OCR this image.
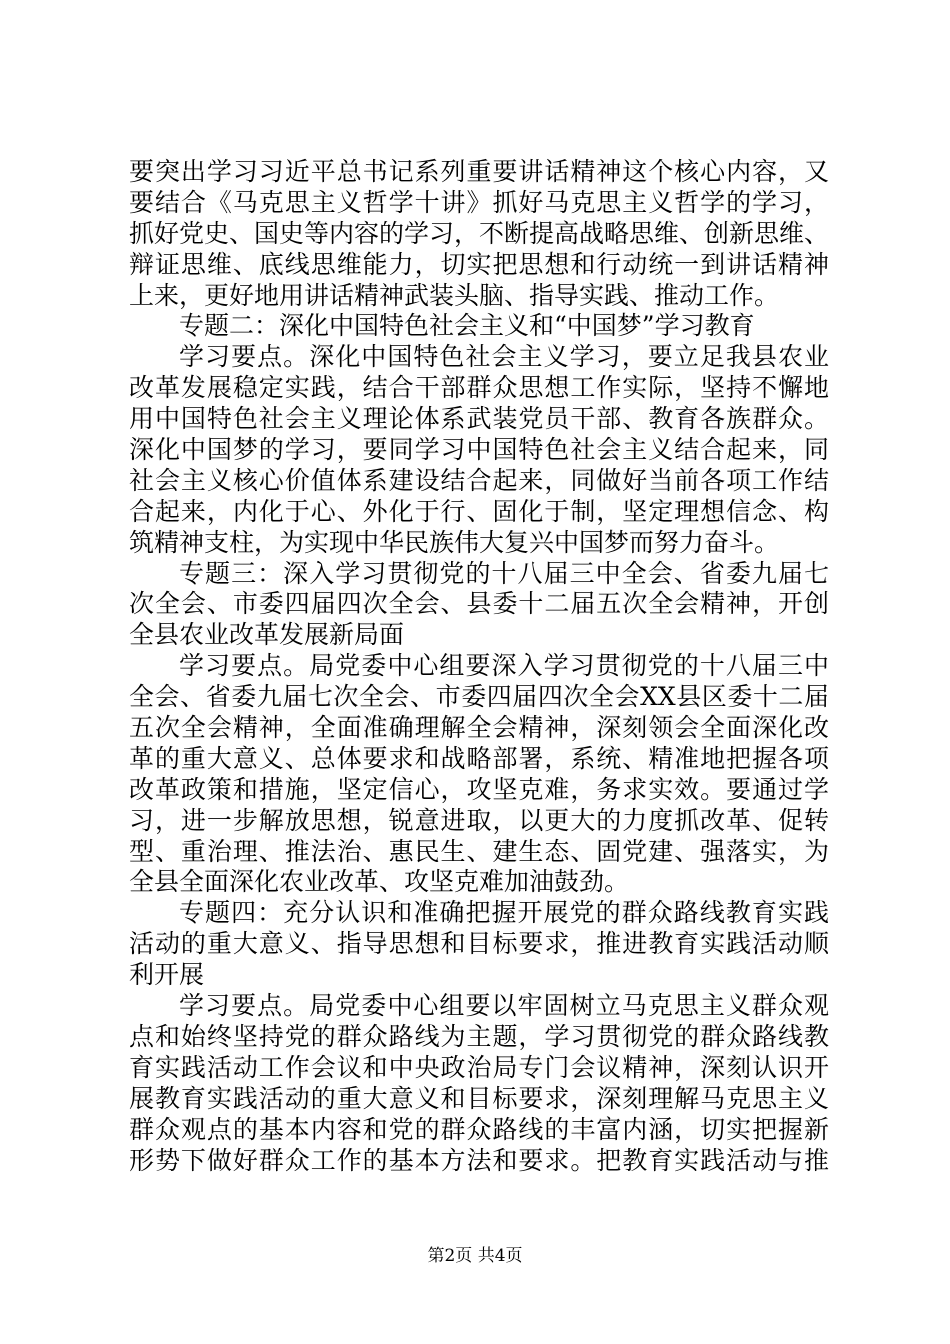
要突出学习习近平总书记系列重要讲话精神这个核心内容，又
要结合《马克思主义哲学十讲》抓好马克思主义哲学的学习，
抓好党史、国史等内容的学习，不断提高战略思维、创新思维、
辩证思维、底线思维能力，切实把思想和行动统一到讲话精神
上来，更好地用讲话精神武装头脑、指导实践、推动工作。
专题二：深化中国特色社会主义和“中国梦”学习教育
学习要点。深化中国特色社会主义学习，要立足我县农业
改革发展稳定实践，结合干部群众思想工作实际，坚持不懈地
用中国特色社会主义理论体系武装党员干部、教育各族群众。
深化中国梦的学习，要同学习中国特色社会主义结合起来，同
社会主义核心价值体系建设结合起来，同做好当前各项工作结
合起来，内化于心、外化于行、固化于制，坚定理想信念、构
筑精神支柱，为实现中华民族伟大复兴中国梦而努力奋斗。
专题三：深入学习贯彻党的十八届三中全会、省委九届七
次全会、市委四届四次全会、县委十二届五次全会精神，开创
全县农业改革发展新局面
学习要点。局党委中心组要深入学习贯彻党的十八届三中
全会、省委九届七次全会、市委四届四次全会XX县区委十二届
五次全会精神，全面准确理解全会精神，深刻领会全面深化改
革的重大意义、总体要求和战略部署，系统、精准地把握各项
改革政策和措施，坚定信心，攻坚克难，务求实效。要通过学
习，进一步解放思想，锐意进取，以更大的力度抓改革、促转
型、重治理、推法治、惠民生、建生态、固党建、强落实，为
全县全面深化农业改革、攻坚克难加油鼓劲。
专题四：充分认识和准确把握开展党的群众路线教育实践
活动的重大意义、指导思想和目标要求，推进教育实践活动顺
利开展
学习要点。局党委中心组要以牢固树立马克思主义群众观
点和始终坚持党的群众路线为主题，学习贯彻党的群众路线教
育实践活动工作会议和中央政治局专门会议精神，深刻认识开
展教育实践活动的重大意义和目标要求，深刻理解马克思主义
群众观点的基本内容和党的群众路线的丰富内涵，切实把握新
形势下做好群众工作的基本方法和要求。把教育实践活动与推
第2页 共4页
